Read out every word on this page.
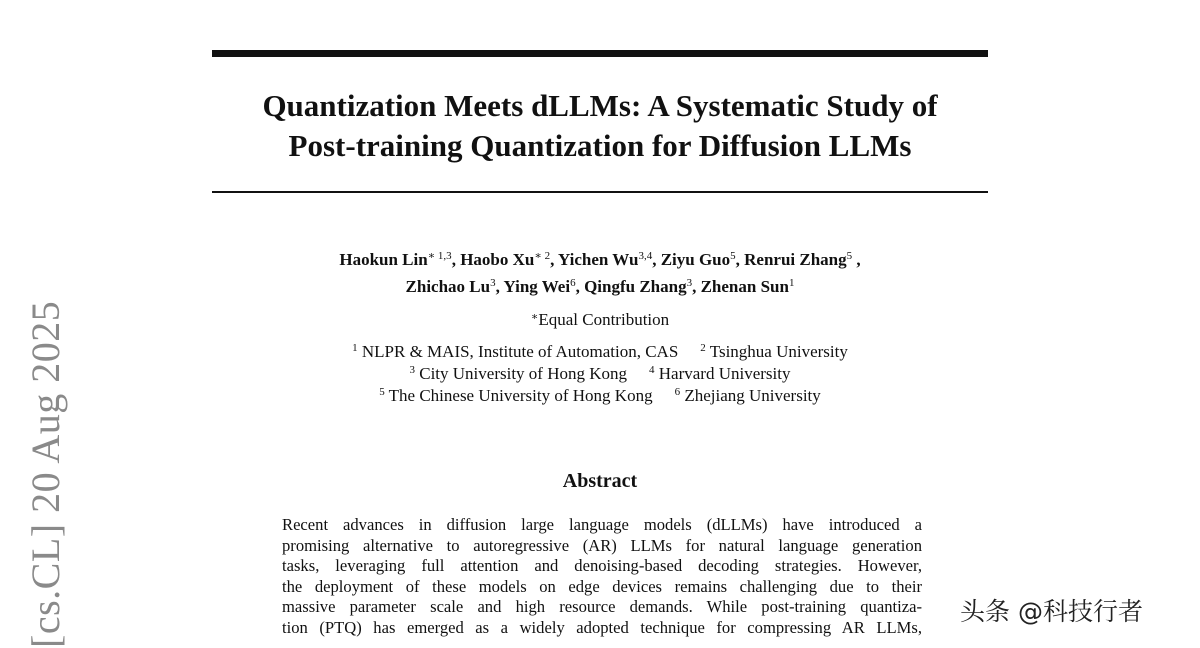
[cs.CL] 20 Aug 2025
Quantization Meets dLLMs: A Systematic Study of
Post-training Quantization for Diffusion LLMs
Haokun Lin$^{∗ 1,3}$, Haobo $Xu^{∗ 2}$, Yichen Wu$^{3,4}$, Ziyu Guo$^5$, Renrui Zhang$^5$ ,
Zhichao Lu$^3$, Ying Wei$^6$, Qingfu Zhang$^3$, Zhenan Sun$^1$
∗Equal Contribution
$^1$ NLPR & MAIS, Institute of Automation, CAS $^2$ Tsinghua University
$^3$ City University of Hong Kong $^4$ Harvard University
$^5$ The Chinese University of Hong Kong $^6$ Zhejiang University
Abstract
Recent advances in diffusion large language models (dLLMs) have introduced a
promising alternative to autoregressive (AR) LLMs for natural language generation
tasks, leveraging full attention and denoising-based decoding strategies. However,
the deployment of these models on edge devices remains challenging due to their
massive parameter scale and high resource demands. While post-training quantiza-
tion (PTQ) has emerged as a widely adopted technique for compressing AR LLMs,
头条 @科技行者
